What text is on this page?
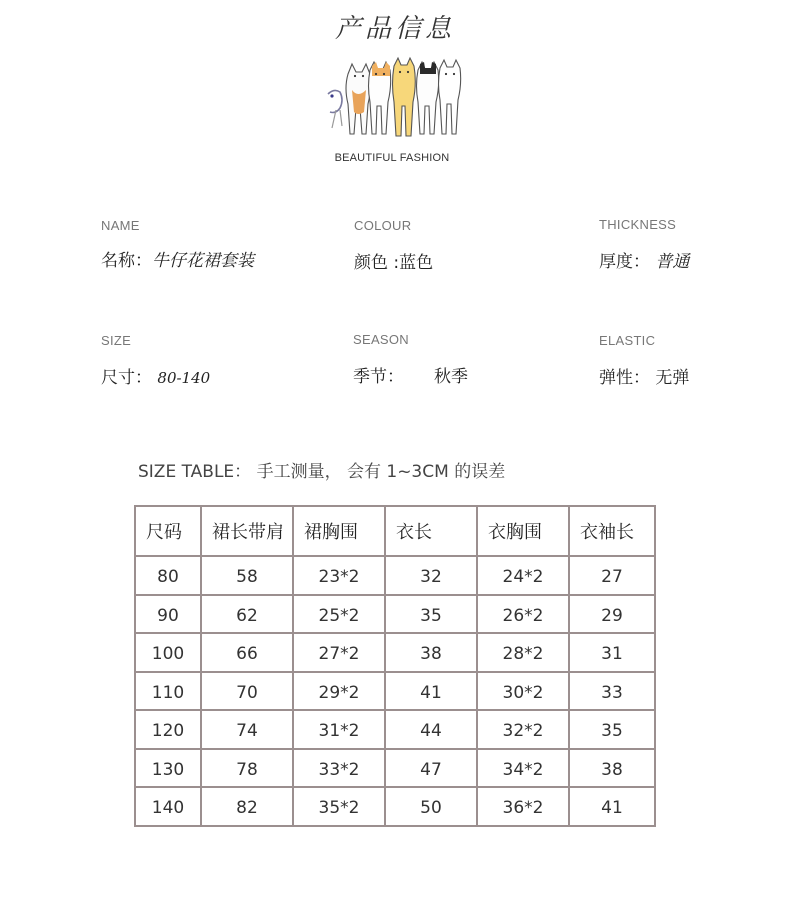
产品信息
BEAUTIFUL FASHION
NAME
名称：牛仔花裙套装
COLOUR
颜色 :蓝色
THICKNESS
厚度： 普通
SIZE
尺寸： 80-140
SEASON
季节： 秋季
ELASTIC
弹性： 无弹
SIZE TABLE： 手工测量， 会有 1~3CM 的误差
尺码	裙长带肩	裙胸围	衣长	衣胸围	衣袖长
80	58	23*2	32	24*2	27
90	62	25*2	35	26*2	29
100	66	27*2	38	28*2	31
110	70	29*2	41	30*2	33
120	74	31*2	44	32*2	35
130	78	33*2	47	34*2	38
140	82	35*2	50	36*2	41
